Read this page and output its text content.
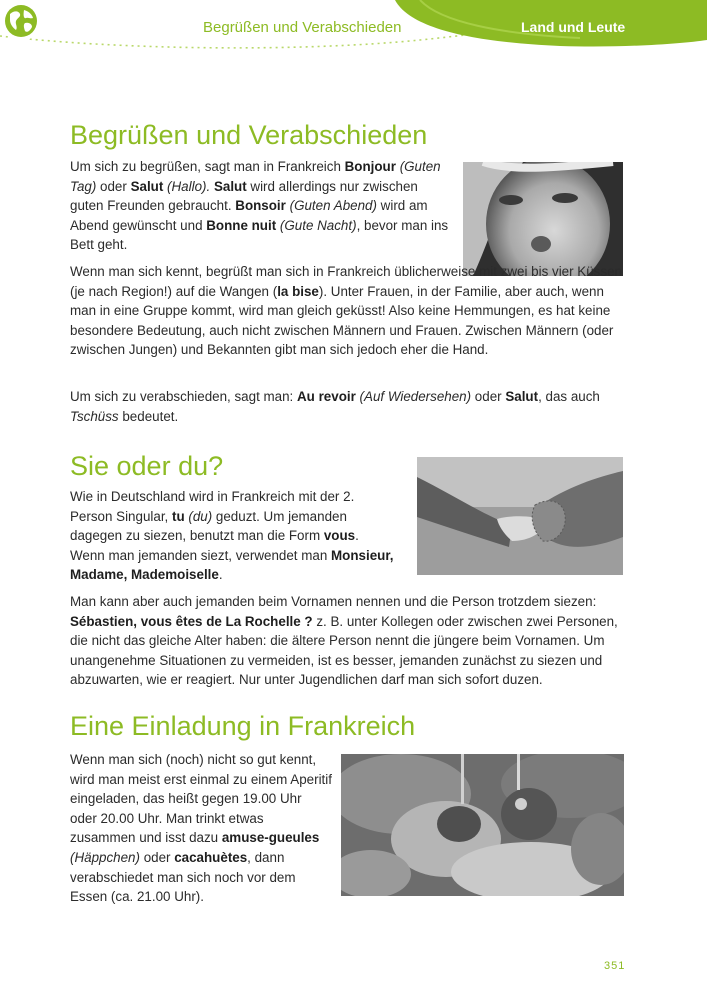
Begrüßen und Verabschieden	Land und Leute
Begrüßen und Verabschieden

Um sich zu begrüßen, sagt man in Frankreich Bonjour (Guten Tag) oder Salut (Hallo). Salut wird allerdings nur zwischen guten Freunden gebraucht. Bonsoir (Guten Abend) wird am Abend gewünscht und Bonne nuit (Gute Nacht), bevor man ins Bett geht.

Wenn man sich kennt, begrüßt man sich in Frankreich üblicherweise mit zwei bis vier Küssen (je nach Region!) auf die Wangen (la bise). Unter Frauen, in der Familie, aber auch, wenn man in eine Gruppe kommt, wird man gleich geküsst! Also keine Hemmungen, es hat keine besondere Bedeutung, auch nicht zwischen Männern und Frauen. Zwischen Männern (oder zwischen Jungen) und Bekannten gibt man sich jedoch eher die Hand.

Um sich zu verabschieden, sagt man: Au revoir (Auf Wiedersehen) oder Salut, das auch Tschüss bedeutet.

Sie oder du?

Wie in Deutschland wird in Frankreich mit der 2. Person Singular, tu (du) geduzt. Um jemanden dagegen zu siezen, benutzt man die Form vous. Wenn man jemanden siezt, verwendet man Monsieur, Madame, Mademoiselle.

Man kann aber auch jemanden beim Vornamen nennen und die Person trotzdem siezen: Sébastien, vous êtes de La Rochelle ? z. B. unter Kollegen oder zwischen zwei Personen, die nicht das gleiche Alter haben: die ältere Person nennt die jüngere beim Vornamen. Um unangenehme Situationen zu vermeiden, ist es besser, jemanden zunächst zu siezen und abzuwarten, wie er reagiert. Nur unter Jugendlichen darf man sich sofort duzen.

Eine Einladung in Frankreich

Wenn man sich (noch) nicht so gut kennt, wird man meist erst einmal zu einem Aperitif eingeladen, das heißt gegen 19.00 Uhr oder 20.00 Uhr. Man trinkt etwas zusammen und isst dazu amuse-gueules (Häppchen) oder cacahuètes, dann verabschiedet man sich noch vor dem Essen (ca. 21.00 Uhr).

351
